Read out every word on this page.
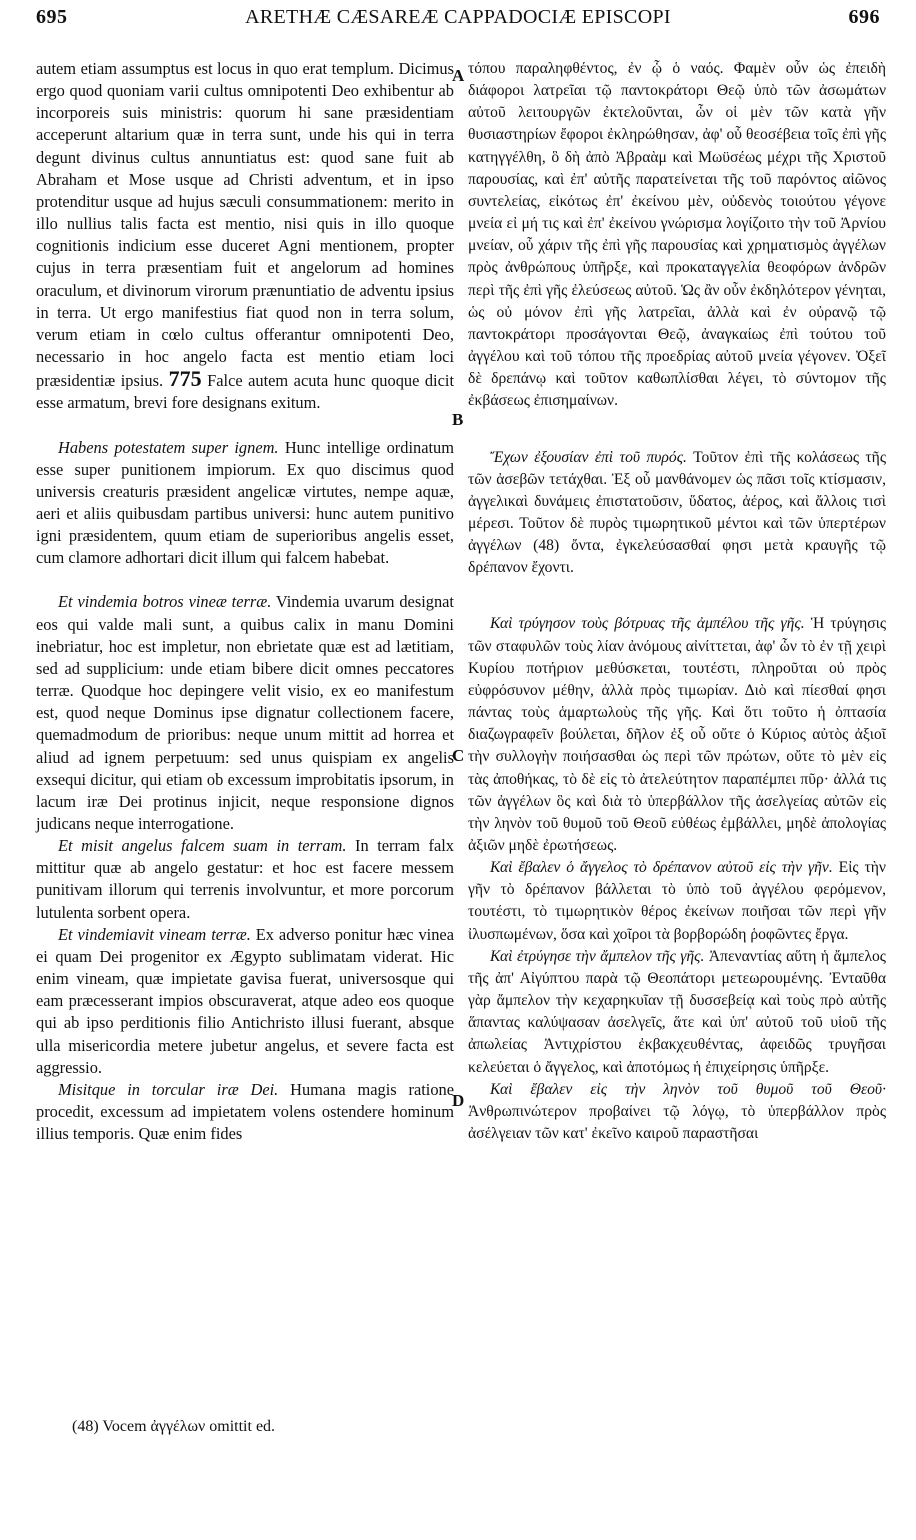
695	ARETHÆ CÆSAREÆ CAPPADOCIÆ EPISCOPI	696
A
B
C
D

autem etiam assumptus est locus in quo erat templum. Dicimus ergo quod quoniam varii cultus omnipotenti Deo exhibentur ab incorporeis suis ministris: quorum hi sane præsidentiam acceperunt altarium quæ in terra sunt, unde his qui in terra degunt divinus cultus annuntiatus est: quod sane fuit ab Abraham et Mose usque ad Christi adventum, et in ipso protenditur usque ad hujus sæculi consummationem: merito in illo nullius talis facta est mentio, nisi quis in illo quoque cognitionis indicium esse duceret Agni mentionem, propter cujus in terra præsentiam fuit et angelorum ad homines oraculum, et divinorum virorum prænuntiatio de adventu ipsius in terra. Ut ergo manifestius fiat quod non in terra solum, verum etiam in cœlo cultus offerantur omnipotenti Deo, necessario in hoc angelo facta est mentio etiam loci præsidentiæ ipsius. 775 Falce autem acuta hunc quoque dicit esse armatum, brevi fore designans exitum.

Habens potestatem super ignem. Hunc intellige ordinatum esse super punitionem impiorum. Ex quo discimus quod universis creaturis præsident angelicæ virtutes, nempe aquæ, aeri et aliis quibusdam partibus universi: hunc autem punitivo igni præsidentem, quum etiam de superioribus angelis esset, cum clamore adhortari dicit illum qui falcem habebat.

Et vindemia botros vineæ terræ. Vindemia uvarum designat eos qui valde mali sunt, a quibus calix in manu Domini inebriatur, hoc est impletur, non ebrietate quæ est ad lætitiam, sed ad supplicium: unde etiam bibere dicit omnes peccatores terræ. Quodque hoc depingere velit visio, ex eo manifestum est, quod neque Dominus ipse dignatur collectionem facere, quemadmodum de prioribus: neque unum mittit ad horrea et aliud ad ignem perpetuum: sed unus quispiam ex angelis exsequi dicitur, qui etiam ob excessum improbitatis ipsorum, in lacum iræ Dei protinus injicit, neque responsione dignos judicans neque interrogatione.

Et misit angelus falcem suam in terram. In terram falx mittitur quæ ab angelo gestatur: et hoc est facere messem punitivam illorum qui terrenis involvuntur, et more porcorum lutulenta sorbent opera.

Et vindemiavit vineam terræ. Ex adverso ponitur hæc vinea ei quam Dei progenitor ex Ægypto sublimatam viderat. Hic enim vineam, quæ impietate gavisa fuerat, universosque qui eam præcesserant impios obscuraverat, atque adeo eos quoque qui ab ipso perditionis filio Antichristo illusi fuerant, absque ulla misericordia metere jubetur angelus, et severe facta est aggressio.

Misitque in torcular iræ Dei. Humana magis ratione procedit, excessum ad impietatem volens ostendere hominum illius temporis. Quæ enim fides

τόπου παραληφθέντος, ἐν ᾧ ὁ ναός. Φαμὲν οὖν ὡς ἐπειδὴ διάφοροι λατρεῖαι τῷ παντοκράτορι Θεῷ ὑπὸ τῶν ἀσωμάτων αὐτοῦ λειτουργῶν ἐκτελοῦνται, ὧν οἱ μὲν τῶν κατὰ γῆν θυσιαστηρίων ἔφοροι ἐκληρώθησαν, ἀφ' οὗ θεοσέβεια τοῖς ἐπὶ γῆς κατηγγέλθη, ὃ δὴ ἀπὸ Ἀβραὰμ καὶ Μωϋσέως μέχρι τῆς Χριστοῦ παρουσίας, καὶ ἐπ' αὐτῆς παρατείνεται τῆς τοῦ παρόντος αἰῶνος συντελείας, εἰκότως ἐπ' ἐκείνου μὲν, οὐδενὸς τοιούτου γέγονε μνεία εἰ μή τις καὶ ἐπ' ἐκείνου γνώρισμα λογίζοιτο τὴν τοῦ Ἀρνίου μνείαν, οὗ χάριν τῆς ἐπὶ γῆς παρουσίας καὶ χρηματισμὸς ἀγγέλων πρὸς ἀνθρώπους ὑπῆρξε, καὶ προκαταγγελία θεοφόρων ἀνδρῶν περὶ τῆς ἐπὶ γῆς ἐλεύσεως αὐτοῦ. Ὡς ἂν οὖν ἐκδηλότερον γένηται, ὡς οὐ μόνον ἐπὶ γῆς λατρεῖαι, ἀλλὰ καὶ ἐν οὐρανῷ τῷ παντοκράτορι προσάγονται Θεῷ, ἀναγκαίως ἐπὶ τούτου τοῦ ἀγγέλου καὶ τοῦ τόπου τῆς προεδρίας αὐτοῦ μνεία γέγονεν. Ὀξεῖ δὲ δρεπάνῳ καὶ τοῦτον καθωπλίσθαι λέγει, τὸ σύντομον τῆς ἐκβάσεως ἐπισημαίνων.

Ἔχων ἐξουσίαν ἐπὶ τοῦ πυρός. Τοῦτον ἐπὶ τῆς κολάσεως τῆς τῶν ἀσεβῶν τετάχθαι. Ἐξ οὗ μανθάνομεν ὡς πᾶσι τοῖς κτίσμασιν, ἀγγελικαὶ δυνάμεις ἐπιστατοῦσιν, ὕδατος, ἀέρος, καὶ ἄλλοις τισὶ μέρεσι. Τοῦτον δὲ πυρὸς τιμωρητικοῦ μέντοι καὶ τῶν ὑπερτέρων ἀγγέλων (48) ὄντα, ἐγκελεύσασθαί φησι μετὰ κραυγῆς τῷ δρέπανον ἔχοντι.

Καὶ τρύγησον τοὺς βότρυας τῆς ἀμπέλου τῆς γῆς. Ἡ τρύγησις τῶν σταφυλῶν τοὺς λίαν ἀνόμους αἰνίττεται, ἀφ' ὧν τὸ ἐν τῇ χειρὶ Κυρίου ποτήριον μεθύσκεται, τουτέστι, πληροῦται οὐ πρὸς εὐφρόσυνον μέθην, ἀλλὰ πρὸς τιμωρίαν. Διὸ καὶ πίεσθαί φησι πάντας τοὺς ἁμαρτωλοὺς τῆς γῆς. Καὶ ὅτι τοῦτο ἡ ὀπτασία διαζωγραφεῖν βούλεται, δῆλον ἐξ οὗ οὔτε ὁ Κύριος αὐτὸς ἀξιοῖ τὴν συλλογὴν ποιήσασθαι ὡς περὶ τῶν πρώτων, οὔτε τὸ μὲν εἰς τὰς ἀποθήκας, τὸ δὲ εἰς τὸ ἀτελεύτητον παραπέμπει πῦρ· ἀλλά τις τῶν ἀγγέλων ὃς καὶ διὰ τὸ ὑπερβάλλον τῆς ἀσελγείας αὐτῶν εἰς τὴν ληνὸν τοῦ θυμοῦ τοῦ Θεοῦ εὐθέως ἐμβάλλει, μηδὲ ἀπολογίας ἀξιῶν μηδὲ ἐρωτήσεως.

Καὶ ἔβαλεν ὁ ἄγγελος τὸ δρέπανον αὐτοῦ εἰς τὴν γῆν. Εἰς τὴν γῆν τὸ δρέπανον βάλλεται τὸ ὑπὸ τοῦ ἀγγέλου φερόμενον, τουτέστι, τὸ τιμωρητικὸν θέρος ἐκείνων ποιῆσαι τῶν περὶ γῆν ἰλυσπωμένων, ὅσα καὶ χοῖροι τὰ βορβορώδη ῥοφῶντες ἔργα.

Καὶ ἐτρύγησε τὴν ἄμπελον τῆς γῆς. Ἀπεναντίας αὕτη ἡ ἄμπελος τῆς ἀπ' Αἰγύπτου παρὰ τῷ Θεοπάτορι μετεωρουμένης. Ἐνταῦθα γὰρ ἄμπελον τὴν κεχαρηκυῖαν τῇ δυσσεβείᾳ καὶ τοὺς πρὸ αὐτῆς ἅπαντας καλύψασαν ἀσελγεῖς, ἅτε καὶ ὑπ' αὐτοῦ τοῦ υἱοῦ τῆς ἀπωλείας Ἀντιχρίστου ἐκβακχευθέντας, ἀφειδῶς τρυγῆσαι κελεύεται ὁ ἄγγελος, καὶ ἀποτόμως ἡ ἐπιχείρησις ὑπῆρξε.

Καὶ ἔβαλεν εἰς τὴν ληνὸν τοῦ θυμοῦ τοῦ Θεοῦ· Ἀνθρωπινώτερον προβαίνει τῷ λόγῳ, τὸ ὑπερβάλλον πρὸς ἀσέλγειαν τῶν κατ' ἐκεῖνο καιροῦ παραστῆσαι

(48) Vocem ἀγγέλων omittit ed.
